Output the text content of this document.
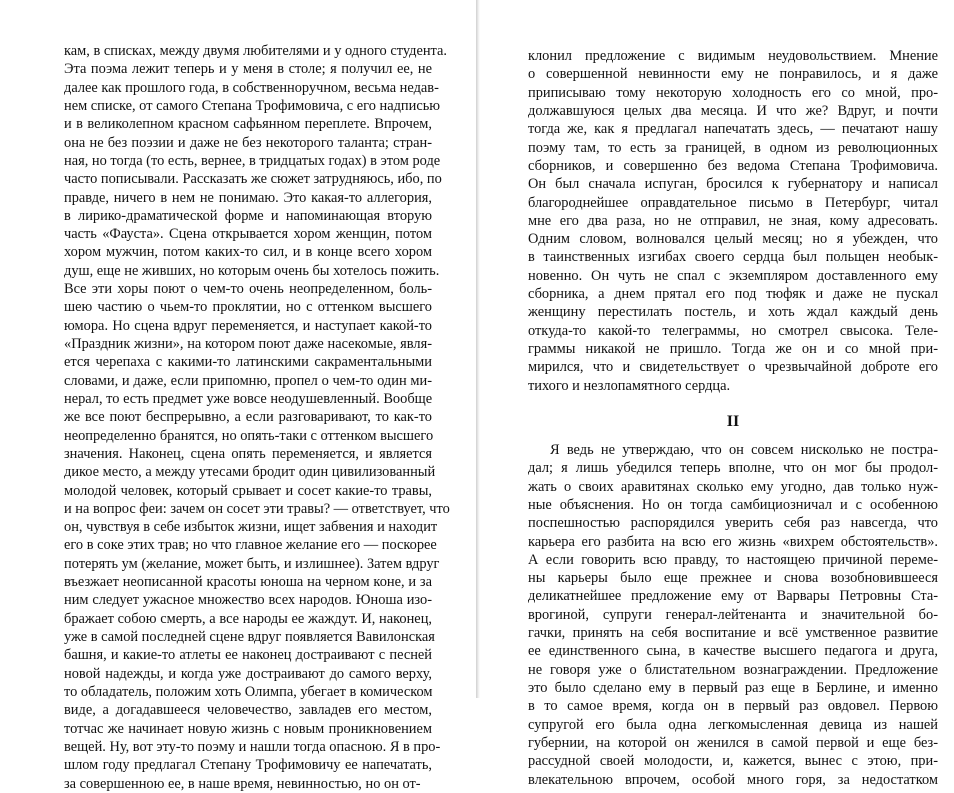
кам, в списках, между двумя любителями и у одного студента.
Эта поэма лежит теперь и у меня в столе; я получил ее, не
далее как прошлого года, в собственноручном, весьма недав-
нем списке, от самого Степана Трофимовича, с его надписью
и в великолепном красном сафьянном переплете. Впрочем,
она не без поэзии и даже не без некоторого таланта; стран-
ная, но тогда (то есть, вернее, в тридцатых годах) в этом роде
часто пописывали. Рассказать же сюжет затрудняюсь, ибо, по
правде, ничего в нем не понимаю. Это какая-то аллегория,
в лирико-драматической форме и напоминающая вторую
часть «Фауста». Сцена открывается хором женщин, потом
хором мужчин, потом каких-то сил, и в конце всего хором
душ, еще не живших, но которым очень бы хотелось пожить.
Все эти хоры поют о чем-то очень неопределенном, боль-
шею частию о чьем-то проклятии, но с оттенком высшего
юмора. Но сцена вдруг переменяется, и наступает какой-то
«Праздник жизни», на котором поют даже насекомые, явля-
ется черепаха с какими-то латинскими сакраментальными
словами, и даже, если припомню, пропел о чем-то один ми-
нерал, то есть предмет уже вовсе неодушевленный. Вообще
же все поют беспрерывно, а если разговаривают, то как-то
неопределенно бранятся, но опять-таки с оттенком высшего
значения. Наконец, сцена опять переменяется, и является
дикое место, а между утесами бродит один цивилизованный
молодой человек, который срывает и сосет какие-то травы,
и на вопрос феи: зачем он сосет эти травы? — ответствует, что
он, чувствуя в себе избыток жизни, ищет забвения и находит
его в соке этих трав; но что главное желание его — поскорее
потерять ум (желание, может быть, и излишнее). Затем вдруг
въезжает неописанной красоты юноша на черном коне, и за
ним следует ужасное множество всех народов. Юноша изо-
бражает собою смерть, а все народы ее жаждут. И, наконец,
уже в самой последней сцене вдруг появляется Вавилонская
башня, и какие-то атлеты ее наконец достраивают с песней
новой надежды, и когда уже достраивают до самого верху,
то обладатель, положим хоть Олимпа, убегает в комическом
виде, а догадавшееся человечество, завладев его местом,
тотчас же начинает новую жизнь с новым проникновением
вещей. Ну, вот эту-то поэму и нашли тогда опасною. Я в про-
шлом году предлагал Степану Трофимовичу ее напечатать,
за совершенною ее, в наше время, невинностью, но он от-
клонил предложение с видимым неудовольствием. Мнение
о совершенной невинности ему не понравилось, и я даже
приписываю тому некоторую холодность его со мной, про-
должавшуюся целых два месяца. И что же? Вдруг, и почти
тогда же, как я предлагал напечатать здесь, — печатают нашу
поэму там, то есть за границей, в одном из революционных
сборников, и совершенно без ведома Степана Трофимовича.
Он был сначала испуган, бросился к губернатору и написал
благороднейшее оправдательное письмо в Петербург, читал
мне его два раза, но не отправил, не зная, кому адресовать.
Одним словом, волновался целый месяц; но я убежден, что
в таинственных изгибах своего сердца был польщен необык-
новенно. Он чуть не спал с экземпляром доставленного ему
сборника, а днем прятал его под тюфяк и даже не пускал
женщину перестилать постель, и хоть ждал каждый день
откуда-то какой-то телеграммы, но смотрел свысока. Теле-
граммы никакой не пришло. Тогда же он и со мной при-
мирился, что и свидетельствует о чрезвычайной доброте его
тихого и незлопамятного сердца.
II
Я ведь не утверждаю, что он совсем нисколько не пострa-
дал; я лишь убедился теперь вполне, что он мог бы продол-
жать о своих аравитянах сколько ему угодно, дав только нуж-
ные объяснения. Но он тогда самбициозничал и с особенною
поспешностью распорядился уверить себя раз навсегда, что
карьера его разбита на всю его жизнь «вихрем обстоятельств».
А если говорить всю правду, то настоящею причиной переме-
ны карьеры было еще прежнее и снова возобновившееся
деликатнейшее предложение ему от Варвары Петровны Ста-
врогиной, супруги генерал-лейтенанта и значительной бо-
гачки, принять на себя воспитание и всё умственное развитие
ее единственного сына, в качестве высшего педагога и друга,
не говоря уже о блистательном вознаграждении. Предложение
это было сделано ему в первый раз еще в Берлине, и именно
в то самое время, когда он в первый раз овдовел. Первою
супругой его была одна легкомысленная девица из нашей
губернии, на которой он женился в самой первой и еще без-
рассудной своей молодости, и, кажется, вынес с этою, при-
влекательною впрочем, особой много горя, за недостатком
